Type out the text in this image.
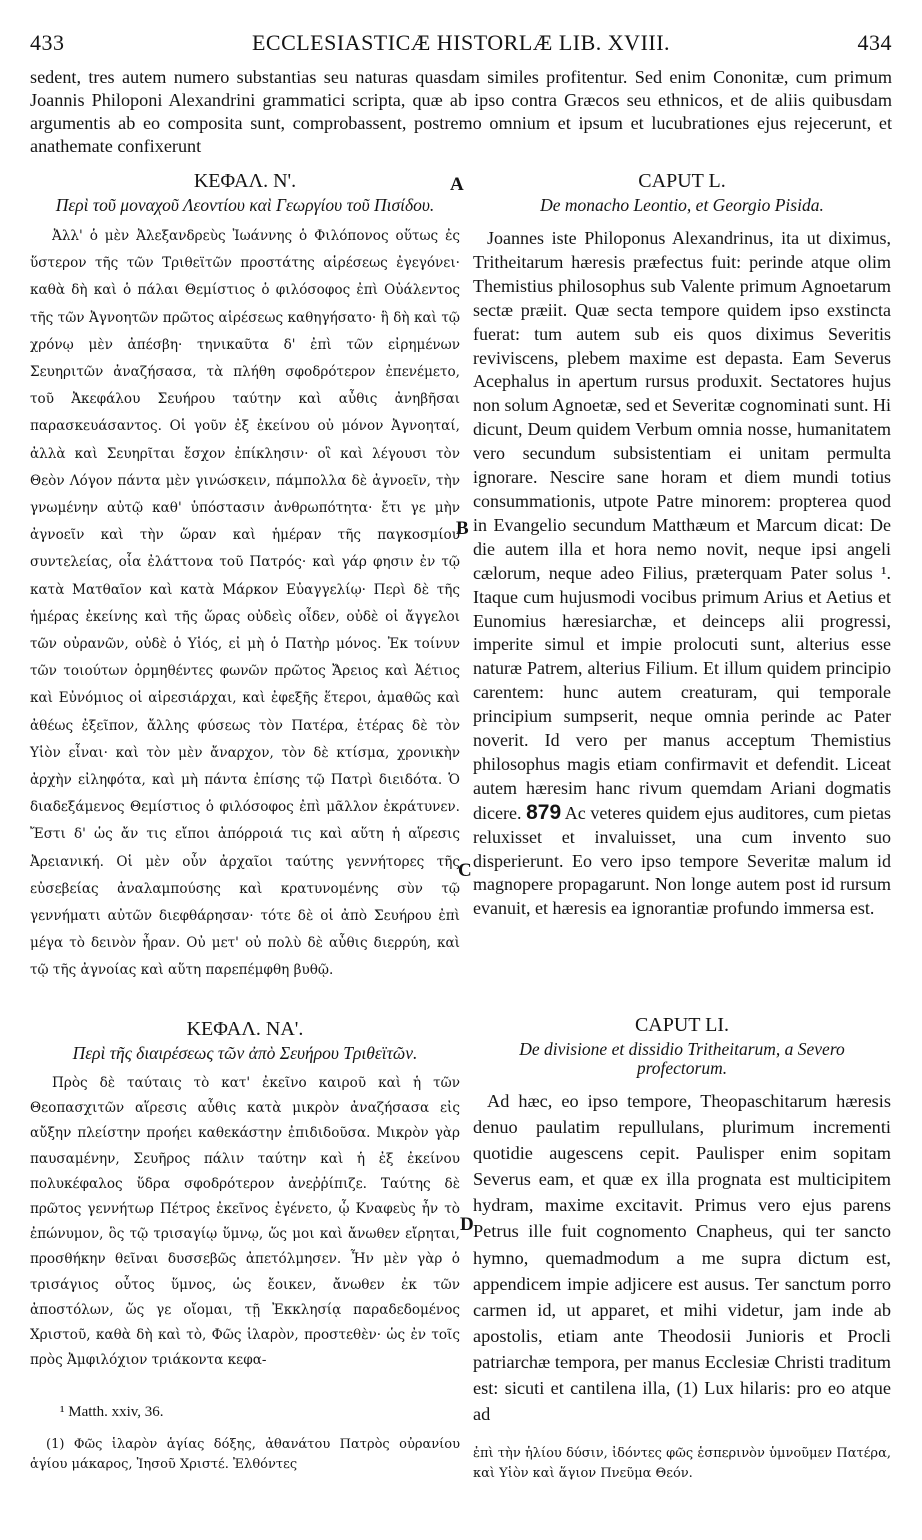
433	ECCLESIASTICÆ HISTORLÆ LIB. XVIII.	434
sedent, tres autem numero substantias seu naturas quasdam similes profitentur. Sed enim Cononitæ, cum primum Joannis Philoponi Alexandrini grammatici scripta, quæ ab ipso contra Græcos seu ethnicos, et de aliis quibusdam argumentis ab eo composita sunt, comprobassent, postremo omnium et ipsum et lucubrationes ejus rejecerunt, et anathemate confixerunt
A
B
C
D
ΚΕΦΑΛ. Ν'.
Περὶ τοῦ μοναχοῦ Λεοντίου καὶ Γεωργίου τοῦ Πισίδου.
Ἀλλ' ὁ μὲν Ἀλεξανδρεὺς Ἰωάννης ὁ Φιλόπονος οὕτως ἐς ὕστερον τῆς τῶν Τριθεϊτῶν προστάτης αἱρέσεως ἐγεγόνει· καθὰ δὴ καὶ ὁ πάλαι Θεμίστιος ὁ φιλόσοφος ἐπὶ Οὐάλεντος τῆς τῶν Ἀγνοητῶν πρῶτος αἱρέσεως καθηγήσατο· ἣ δὴ καὶ τῷ χρόνῳ μὲν ἀπέσβη· τηνικαῦτα δ' ἐπὶ τῶν εἰρημένων Σευηριτῶν ἀναζήσασα, τὰ πλήθη σφοδρότερον ἐπενέμετο, τοῦ Ἀκεφάλου Σευήρου ταύτην καὶ αὖθις ἀνηβῆσαι παρασκευάσαντος. Οἱ γοῦν ἐξ ἐκείνου οὐ μόνον Ἀγνοηταί, ἀλλὰ καὶ Σευηρῖται ἔσχον ἐπίκλησιν· οἳ καὶ λέγουσι τὸν Θεὸν Λόγον πάντα μὲν γινώσκειν, πάμπολλα δὲ ἀγνοεῖν, τὴν γνωμένην αὐτῷ καθ' ὑπόστασιν ἀνθρωπότητα· ἔτι γε μὴν ἀγνοεῖν καὶ τὴν ὥραν καὶ ἡμέραν τῆς παγκοσμίου συντελείας, οἷα ἐλάττονα τοῦ Πατρός· καὶ γάρ φησιν ἐν τῷ κατὰ Ματθαῖον καὶ κατὰ Μάρκον Εὐαγγελίῳ· Περὶ δὲ τῆς ἡμέρας ἐκείνης καὶ τῆς ὥρας οὐδεὶς οἶδεν, οὐδὲ οἱ ἄγγελοι τῶν οὐρανῶν, οὐδὲ ὁ Υἱός, εἰ μὴ ὁ Πατὴρ μόνος. Ἐκ τοίνυν τῶν τοιούτων ὁρμηθέντες φωνῶν πρῶτος Ἄρειος καὶ Ἀέτιος καὶ Εὐνόμιος οἱ αἱρεσιάρχαι, καὶ ἐφεξῆς ἕτεροι, ἀμαθῶς καὶ ἀθέως ἐξεῖπον, ἄλλης φύσεως τὸν Πατέρα, ἑτέρας δὲ τὸν Υἱὸν εἶναι· καὶ τὸν μὲν ἄναρχον, τὸν δὲ κτίσμα, χρονικὴν ἀρχὴν εἰληφότα, καὶ μὴ πάντα ἐπίσης τῷ Πατρὶ διειδότα. Ὁ διαδεξάμενος Θεμίστιος ὁ φιλόσοφος ἐπὶ μᾶλλον ἐκράτυνεν. Ἔστι δ' ὡς ἄν τις εἴποι ἀπόρροιά τις καὶ αὕτη ἡ αἵρεσις Ἀρειανική. Οἱ μὲν οὖν ἀρχαῖοι ταύτης γεννήτορες τῆς εὐσεβείας ἀναλαμπούσης καὶ κρατυνομένης σὺν τῷ γεννήματι αὐτῶν διεφθάρησαν· τότε δὲ οἱ ἀπὸ Σευήρου ἐπὶ μέγα τὸ δεινὸν ἦραν. Οὐ μετ' οὐ πολὺ δὲ αὖθις διερρύη, καὶ τῷ τῆς ἀγνοίας καὶ αὕτη παρεπέμφθη βυθῷ.
ΚΕΦΑΛ. ΝΑ'.
Περὶ τῆς διαιρέσεως τῶν ἀπὸ Σευήρου Τριθεϊτῶν.
Πρὸς δὲ ταύταις τὸ κατ' ἐκεῖνο καιροῦ καὶ ἡ τῶν Θεοπασχιτῶν αἵρεσις αὖθις κατὰ μικρὸν ἀναζήσασα εἰς αὔξην πλείστην προήει καθεκάστην ἐπιδιδοῦσα. Μικρὸν γὰρ παυσαμένην, Σευῆρος πάλιν ταύτην καὶ ἡ ἐξ ἐκείνου πολυκέφαλος ὕδρα σφοδρότερον ἀνεῤῥίπιζε. Ταύτης δὲ πρῶτος γεννήτωρ Πέτρος ἐκεῖνος ἐγένετο, ᾧ Κναφεὺς ἦν τὸ ἐπώνυμον, ὃς τῷ τρισαγίῳ ὕμνῳ, ὥς μοι καὶ ἄνωθεν εἴρηται, προσθήκην θεῖναι δυσσεβῶς ἀπετόλμησεν. Ἦν μὲν γὰρ ὁ τρισάγιος οὗτος ὕμνος, ὡς ἔοικεν, ἄνωθεν ἐκ τῶν ἀποστόλων, ὥς γε οἴομαι, τῇ Ἐκκλησίᾳ παραδεδομένος Χριστοῦ, καθὰ δὴ καὶ τὸ, Φῶς ἱλαρὸν, προστεθὲν· ὡς ἐν τοῖς πρὸς Ἀμφιλόχιον τριάκοντα κεφα-
¹ Matth. xxiv, 36.
(1) Φῶς ἱλαρὸν ἁγίας δόξης, ἀθανάτου Πατρὸς οὐρανίου ἁγίου μάκαρος, Ἰησοῦ Χριστέ. Ἐλθόντες
CAPUT L.
De monacho Leontio, et Georgio Pisida.
Joannes iste Philoponus Alexandrinus, ita ut diximus, Tritheitarum hæresis præfectus fuit: perinde atque olim Themistius philosophus sub Valente primum Agnoetarum sectæ præiit. Quæ secta tempore quidem ipso exstincta fuerat: tum autem sub eis quos diximus Severitis reviviscens, plebem maxime est depasta. Eam Severus Acephalus in apertum rursus produxit. Sectatores hujus non solum Agnoetæ, sed et Severitæ cognominati sunt. Hi dicunt, Deum quidem Verbum omnia nosse, humanitatem vero secundum subsistentiam ei unitam permulta ignorare. Nescire sane horam et diem mundi totius consummationis, utpote Patre minorem: propterea quod in Evangelio secundum Matthæum et Marcum dicat: De die autem illa et hora nemo novit, neque ipsi angeli cælorum, neque adeo Filius, præterquam Pater solus ¹. Itaque cum hujusmodi vocibus primum Arius et Aetius et Eunomius hæresiarchæ, et deinceps alii progressi, imperite simul et impie prolocuti sunt, alterius esse naturæ Patrem, alterius Filium. Et illum quidem principio carentem: hunc autem creaturam, qui temporale principium sumpserit, neque omnia perinde ac Pater noverit. Id vero per manus acceptum Themistius philosophus magis etiam confirmavit et defendit. Liceat autem hæresim hanc rivum quemdam Ariani dogmatis dicere. 879 Ac veteres quidem ejus auditores, cum pietas reluxisset et invaluisset, una cum invento suo disperierunt. Eo vero ipso tempore Severitæ malum id magnopere propagarunt. Non longe autem post id rursum evanuit, et hæresis ea ignorantiæ profundo immersa est.
CAPUT LI.
De divisione et dissidio Tritheitarum, a Severo profectorum.
Ad hæc, eo ipso tempore, Theopaschitarum hæresis denuo paulatim repullulans, plurimum incrementi quotidie augescens cepit. Paulisper enim sopitam Severus eam, et quæ ex illa prognata est multicipitem hydram, maxime excitavit. Primus vero ejus parens Petrus ille fuit cognomento Cnapheus, qui ter sancto hymno, quemadmodum a me supra dictum est, appendicem impie adjicere est ausus. Ter sanctum porro carmen id, ut apparet, et mihi videtur, jam inde ab apostolis, etiam ante Theodosii Junioris et Procli patriarchæ tempora, per manus Ecclesiæ Christi traditum est: sicuti et cantilena illa, (1) Lux hilaris: pro eo atque ad
ἐπὶ τὴν ἡλίου δύσιν, ἰδόντες φῶς ἑσπερινὸν ὑμνοῦμεν Πατέρα, καὶ Υἱὸν καὶ ἅγιον Πνεῦμα Θεόν.
